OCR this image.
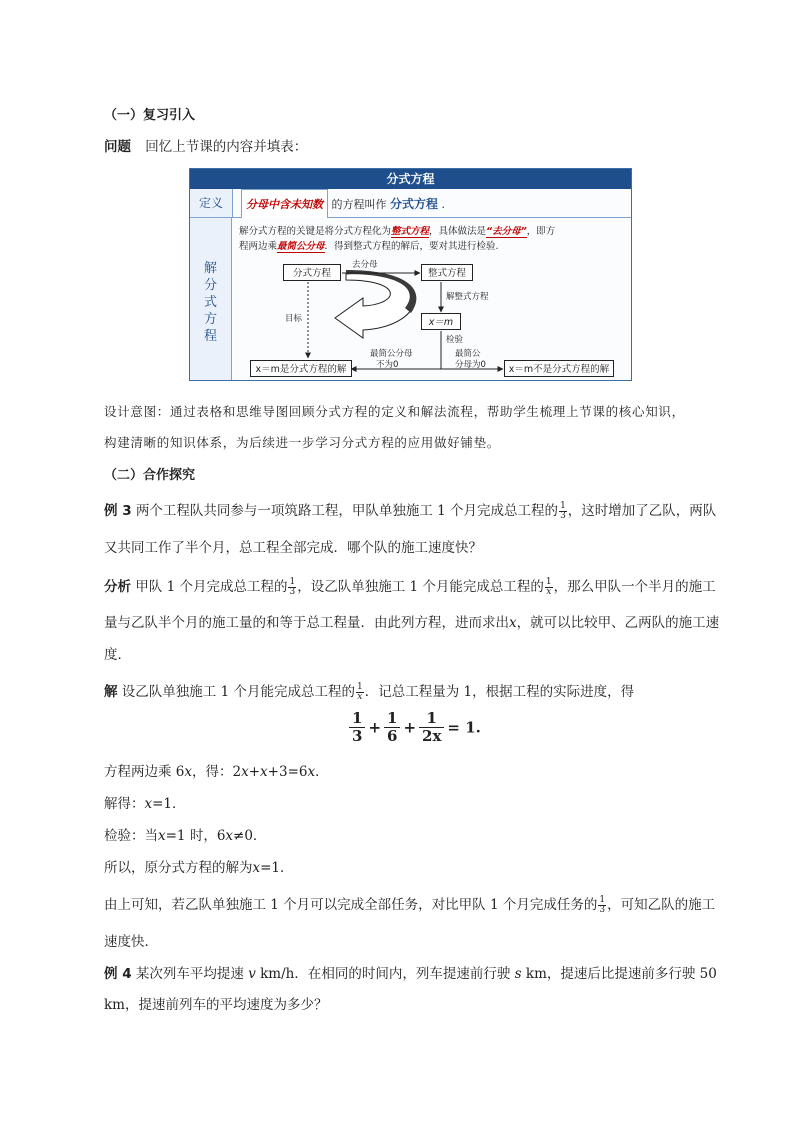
（一）复习引入
问题 回忆上节课的内容并填表：
分式方程
定义	分母中含未知数 的方程叫作 分式方程 .
解分式方程
解分式方程的关键是将分式方程化为整式方程，具体做法是“去分母”，即方
程两边乘最简公分母．得到整式方程的解后，要对其进行检验.
分式方程	整式方程
x＝m
x＝m是分式方程的解	x＝m不是分式方程的解
去分母
解整式方程
目标
检验
最简公分母
不为0
最简公
分母为0
设计意图：通过表格和思维导图回顾分式方程的定义和解法流程，帮助学生梳理上节课的核心知识，
构建清晰的知识体系，为后续进一步学习分式方程的应用做好铺垫。
（二）合作探究
例 3 两个工程队共同参与一项筑路工程，甲队单独施工 1 个月完成总工程的 $\frac{1}{3}$ ，这时增加了乙队，两队
又共同工作了半个月，总工程全部完成．哪个队的施工速度快？
分析 甲队 1 个月完成总工程的 $\frac{1}{3}$ ，设乙队单独施工 1 个月能完成总工程的 $\frac{1}{x}$ ，那么甲队一个半月的施工
量与乙队半个月的施工量的和等于总工程量．由此列方程，进而求出x，就可以比较甲、乙两队的施工速
度．
解 设乙队单独施工 1 个月能完成总工程的 $\frac{1}{x}$ ．记总工程量为 1，根据工程的实际进度，得
$\frac{1}{3} + \frac{1}{6} + \frac{1}{2x} = 1$.
方程两边乘 6x，得：2x+x+3=6x．
解得：x=1．
检验：当x=1 时，6x≠0．
所以，原分式方程的解为x=1．
由上可知，若乙队单独施工 1 个月可以完成全部任务，对比甲队 1 个月完成任务的 $\frac{1}{3}$ ，可知乙队的施工
速度快．
例 4 某次列车平均提速 v km/h．在相同的时间内，列车提速前行驶 s km，提速后比提速前多行驶 50
km，提速前列车的平均速度为多少？
